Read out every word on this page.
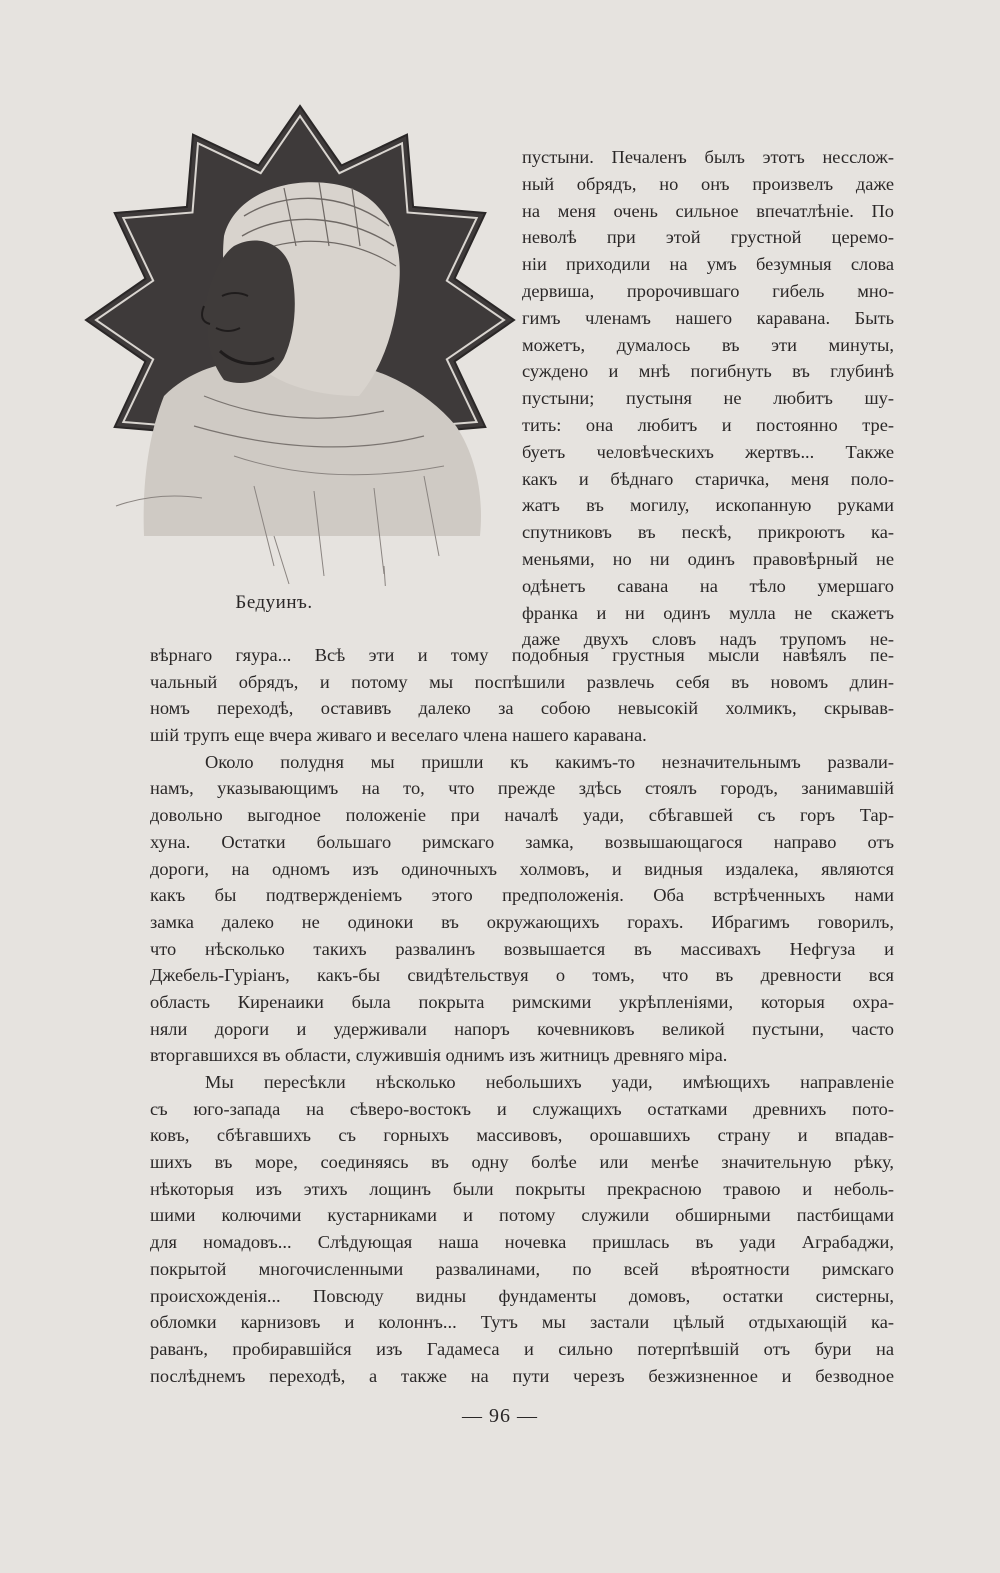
Бедуинъ.
пустыни. Печаленъ былъ этотъ несслож-
ный обрядъ, но онъ произвелъ даже
на меня очень сильное впечатлѣніе. По
неволѣ при этой грустной церемо-
ніи приходили на умъ безумныя слова
дервиша, пророчившаго гибель мно-
гимъ членамъ нашего каравана. Быть
можетъ, думалось въ эти минуты,
суждено и мнѣ погибнуть въ глубинѣ
пустыни; пустыня не любитъ шу-
тить: она любитъ и постоянно тре-
буетъ человѣческихъ жертвъ... Также
какъ и бѣднаго старичка, меня поло-
жатъ въ могилу, ископанную руками
спутниковъ въ пескѣ, прикроютъ ка-
меньями, но ни одинъ правовѣрный не
одѣнетъ савана на тѣло умершаго
франка и ни одинъ мулла не скажетъ
даже двухъ словъ надъ трупомъ не-
вѣрнаго гяура... Всѣ эти и тому подобныя грустныя мысли навѣялъ пе-
чальный обрядъ, и потому мы поспѣшили развлечь себя въ новомъ длин-
номъ переходѣ, оставивъ далеко за собою невысокій холмикъ, скрывав-
шій трупъ еще вчера живаго и веселаго члена нашего каравана.
Около полудня мы пришли къ какимъ-то незначительнымъ развали-
намъ, указывающимъ на то, что прежде здѣсь стоялъ городъ, занимавшій
довольно выгодное положеніе при началѣ уади, сбѣгавшей съ горъ Тар-
хуна. Остатки большаго римскаго замка, возвышающагося направо отъ
дороги, на одномъ изъ одиночныхъ холмовъ, и видныя издалека, являются
какъ бы подтвержденіемъ этого предположенія. Оба встрѣченныхъ нами
замка далеко не одиноки въ окружающихъ горахъ. Ибрагимъ говорилъ,
что нѣсколько такихъ развалинъ возвышается въ массивахъ Нефгуза и
Джебель-Гуріанъ, какъ-бы свидѣтельствуя о томъ, что въ древности вся
область Киренаики была покрыта римскими укрѣпленіями, которыя охра-
няли дороги и удерживали напоръ кочевниковъ великой пустыни, часто
вторгавшихся въ области, служившія однимъ изъ житницъ древняго міра.
Мы пересѣкли нѣсколько небольшихъ уади, имѣющихъ направленіе
съ юго-запада на сѣверо-востокъ и служащихъ остатками древнихъ пото-
ковъ, сбѣгавшихъ съ горныхъ массивовъ, орошавшихъ страну и впадав-
шихъ въ море, соединяясь въ одну болѣе или менѣе значительную рѣку,
нѣкоторыя изъ этихъ лощинъ были покрыты прекрасною травою и неболь-
шими колючими кустарниками и потому служили обширными пастбищами
для номадовъ... Слѣдующая наша ночевка пришлась въ уади Аграбаджи,
покрытой многочисленными развалинами, по всей вѣроятности римскаго
происхожденія... Повсюду видны фундаменты домовъ, остатки систерны,
обломки карнизовъ и колоннъ... Тутъ мы застали цѣлый отдыхающій ка-
раванъ, пробиравшійся изъ Гадамеса и сильно потерпѣвшій отъ бури на
послѣднемъ переходѣ, а также на пути черезъ безжизненное и безводное
— 96 —
